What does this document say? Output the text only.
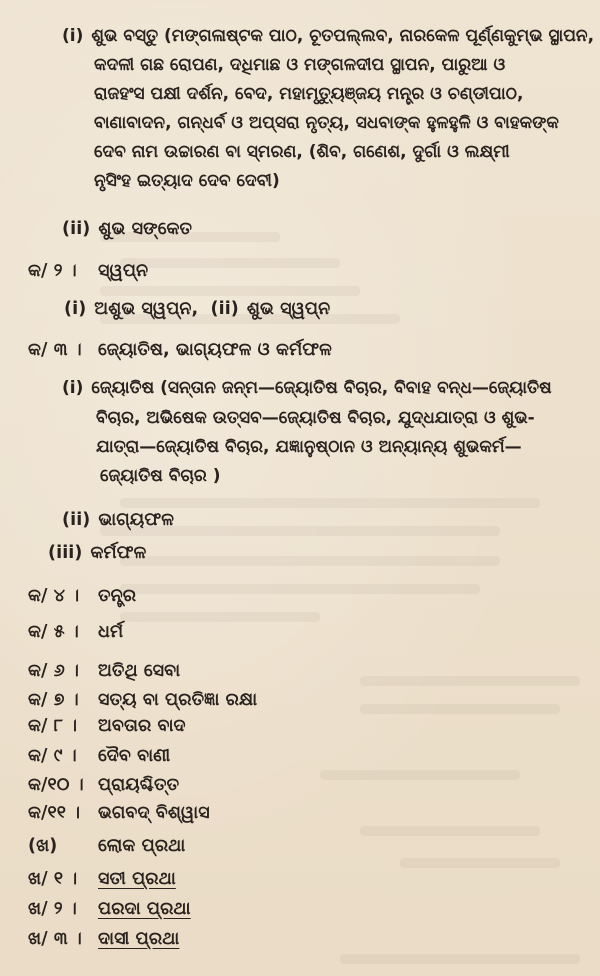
(i) ଶୁଭ ବସ୍ତୁ (ମଙ୍ଗଳାଷ୍ଟକ ପାଠ, ଚୂତପଲ୍ଲବ, ନାରକେଳ ପୂର୍ଣ୍ଣକୁମ୍ଭ ସ୍ଥାପନ,
କଦଳୀ ଗଛ ରୋପଣ, ଦଧିମାଛ ଓ ମଙ୍ଗଳଦୀପ ସ୍ଥାପନ, ପାରୁଆ ଓ
ରାଜହଂସ ପକ୍ଷୀ ଦର୍ଶନ, ବେଦ, ମହାମୃତ୍ୟୁଞ୍ଜୟ ମନ୍ତ୍ର ଓ ଚଣ୍ଡୀପାଠ,
ବାଣାବାଦନ, ଗନ୍ଧର୍ବ ଓ ଅପ୍‌ସରା ନୃତ୍ୟ, ସଧବାଙ୍କ ହୁଳହୁଳି ଓ ବାହକଙ୍କ
ଦେବ ନାମ ଉଚ୍ଚାରଣ ବା ସ୍ମରଣ, (ଶିବ, ଗଣେଶ, ଦୁର୍ଗା ଓ ଲକ୍ଷ୍ମୀ
ନୃସିଂହ ଇତ୍ୟାଦ ଦେବ ଦେବୀ)
(ii) ଶୁଭ ସଙ୍କେତ
କ/ ୨ । ସ୍ୱପ୍ନ
(i) ଅଶୁଭ ସ୍ୱପ୍ନ, (ii) ଶୁଭ ସ୍ୱପ୍ନ
କ/ ୩ । ଜ୍ୟୋତିଷ, ଭାଗ୍ୟଫଳ ଓ କର୍ମଫଳ
(i) ଜ୍ୟୋତିଷ (ସନ୍ତାନ ଜନ୍ମ—ଜ୍ୟୋତିଷ ବିଚାର, ବିବାହ ବନ୍ଧ—ଜ୍ୟୋତିଷ
ବିଚାର, ଅଭିଷେକ ଉତ୍ସବ—ଜ୍ୟୋତିଷ ବିଚାର, ଯୁଦ୍ଧଯାତ୍ରା ଓ ଶୁଭ-
ଯାତ୍ରା—ଜ୍ୟୋତିଷ ବିଚାର, ଯଜ୍ଞାନୁଷ୍ଠାନ ଓ ଅନ୍ୟାନ୍ୟ ଶୁଭକର୍ମ—
ଜ୍ୟୋତିଷ ବିଚାର )
(ii) ଭାଗ୍ୟଫଳ
(iii) କର୍ମଫଳ
କ/ ୪ । ତନ୍ତ୍ର
କ/ ୫ । ଧର୍ମ
କ/ ୬ । ଅତିଥି ସେବା
କ/ ୭ । ସତ୍ୟ ବା ପ୍ରତିଜ୍ଞା ରକ୍ଷା
କ/ ୮ । ଅବତାର ବାଦ
କ/ ୯ । ଦୈବ ବାଣୀ
କ/୧୦ । ପ୍ରାୟଶ୍ଚିତ୍ତ
କ/୧୧ । ଭଗବଦ୍ ବିଶ୍ୱାସ
(ଖ) ଲୋକ ପ୍ରଥା
ଖ/ ୧ । ସତୀ ପ୍ରଥା
ଖ/ ୨ । ପରଦା ପ୍ରଥା
ଖ/ ୩ । ଦାସୀ ପ୍ରଥା
